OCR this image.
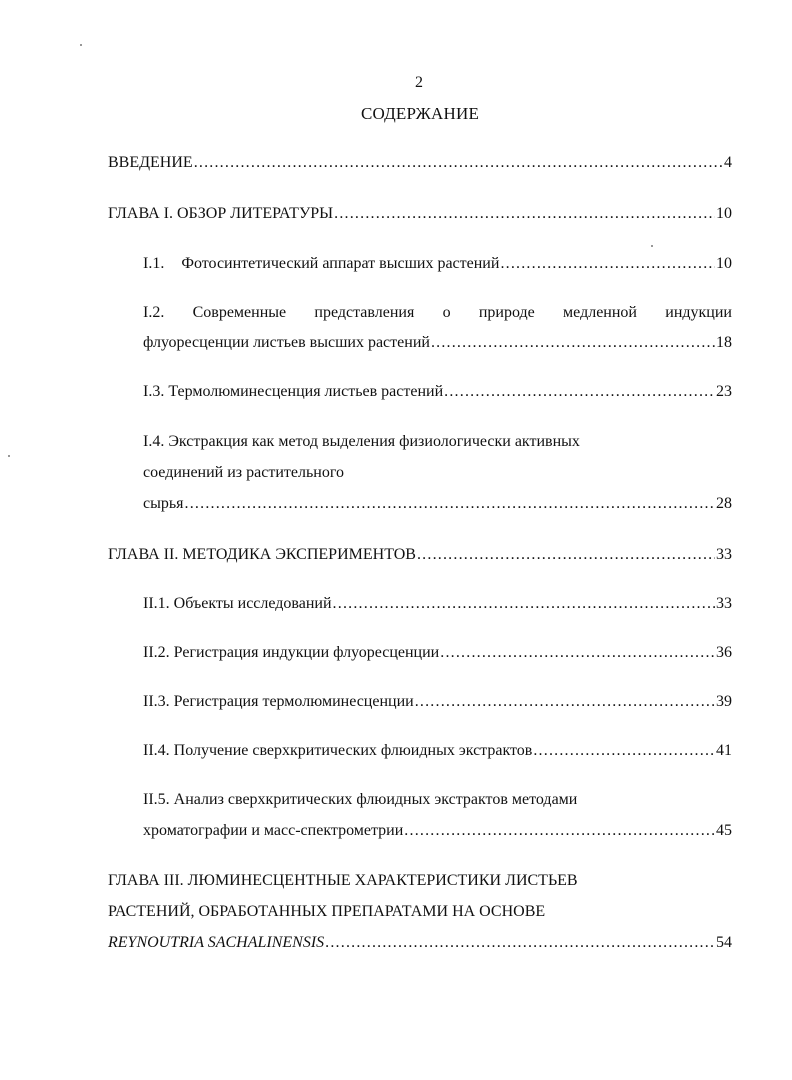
2
СОДЕРЖАНИЕ
ВВЕДЕНИЕ .....	4
ГЛАВА I. ОБЗОР ЛИТЕРАТУРЫ .....	10
I.1. Фотосинтетический аппарат высших растений .....	10
I.2. Современные представления о природе медленной индукции
флуоресценции листьев высших растений .....	18
I.3. Термолюминесценция листьев растений .....	23
I.4. Экстракция как метод выделения физиологически активных
соединений из растительного
сырья .....	28
ГЛАВА II. МЕТОДИКА ЭКСПЕРИМЕНТОВ .....	33
II.1. Объекты исследований .....	33
II.2. Регистрация индукции флуоресценции .....	36
II.3. Регистрация термолюминесценции .....	39
II.4. Получение сверхкритических флюидных экстрактов .....	41
II.5. Анализ сверхкритических флюидных экстрактов методами
хроматографии и масс-спектрометрии .....	45
ГЛАВА III. ЛЮМИНЕСЦЕНТНЫЕ ХАРАКТЕРИСТИКИ ЛИСТЬЕВ
РАСТЕНИЙ, ОБРАБОТАННЫХ ПРЕПАРАТАМИ НА ОСНОВЕ
REYNOUTRIA SACHALINENSIS .....	54
